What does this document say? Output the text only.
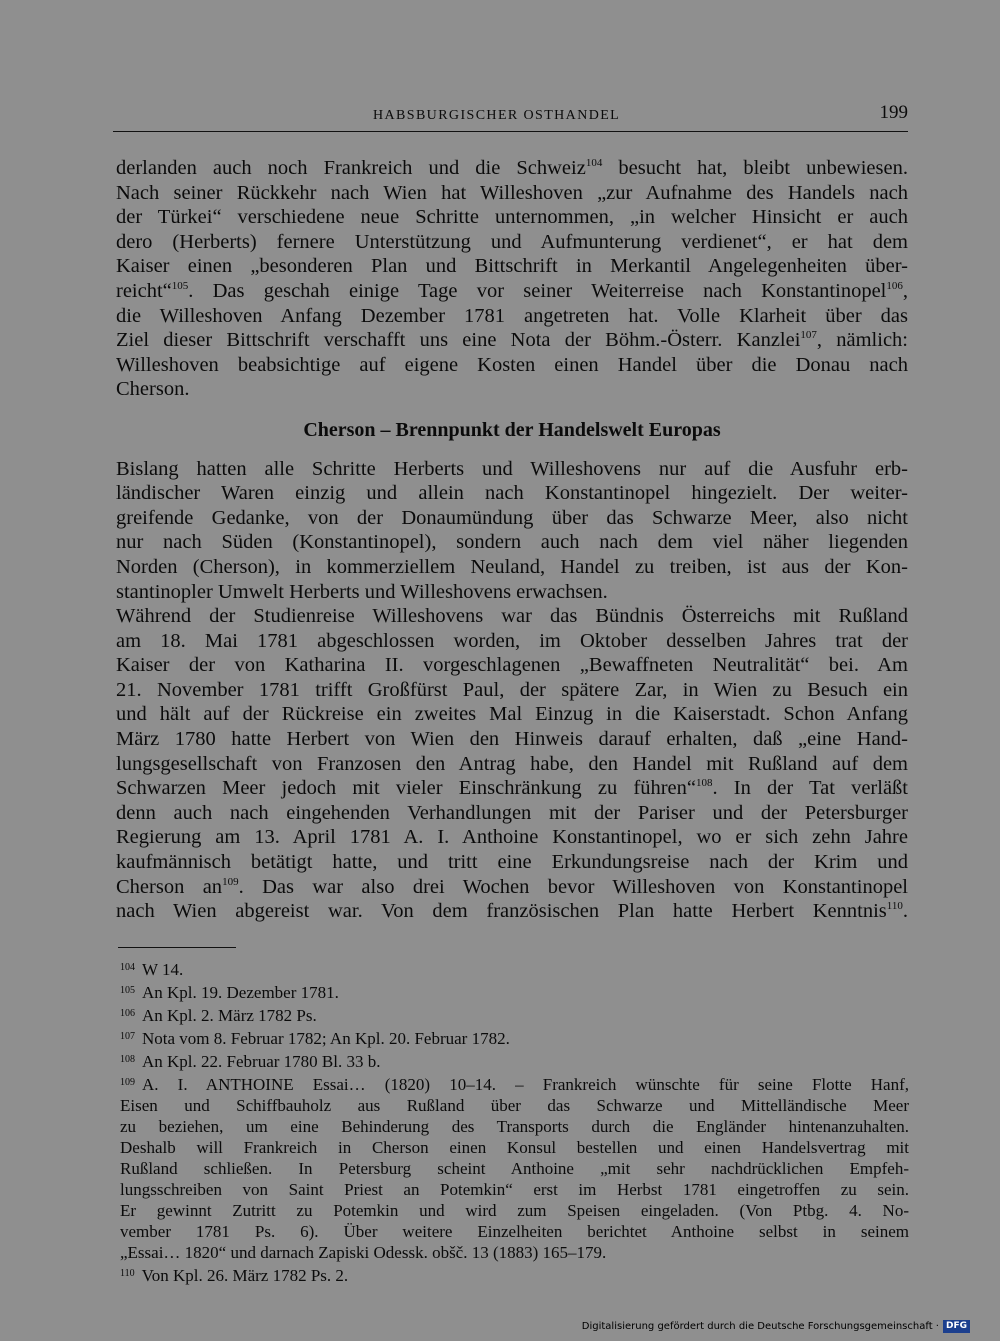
HABSBURGISCHER OSTHANDEL	199

derlanden auch noch Frankreich und die Schweiz$^{104}$ besucht hat, bleibt unbewiesen.
Nach seiner Rückkehr nach Wien hat Willeshoven „zur Aufnahme des Handels nach
der Türkei“ verschiedene neue Schritte unternommen, „in welcher Hinsicht er auch
dero (Herberts) fernere Unterstützung und Aufmunterung verdienet“, er hat dem
Kaiser einen „besonderen Plan und Bittschrift in Merkantil Angelegenheiten über-
reicht“$^{105}$. Das geschah einige Tage vor seiner Weiterreise nach Konstantinopel$^{106}$,
die Willeshoven Anfang Dezember 1781 angetreten hat. Volle Klarheit über das
Ziel dieser Bittschrift verschafft uns eine Nota der Böhm.-Österr. Kanzlei$^{107}$, nämlich:
Willeshoven beabsichtige auf eigene Kosten einen Handel über die Donau nach
Cherson.

Cherson – Brennpunkt der Handelswelt Europas

Bislang hatten alle Schritte Herberts und Willeshovens nur auf die Ausfuhr erb-
ländischer Waren einzig und allein nach Konstantinopel hingezielt. Der weiter-
greifende Gedanke, von der Donaumündung über das Schwarze Meer, also nicht
nur nach Süden (Konstantinopel), sondern auch nach dem viel näher liegenden
Norden (Cherson), in kommerziellem Neuland, Handel zu treiben, ist aus der Kon-
stantinopler Umwelt Herberts und Willeshovens erwachsen.

Während der Studienreise Willeshovens war das Bündnis Österreichs mit Rußland
am 18. Mai 1781 abgeschlossen worden, im Oktober desselben Jahres trat der
Kaiser der von Katharina II. vorgeschlagenen „Bewaffneten Neutralität“ bei. Am
21. November 1781 trifft Großfürst Paul, der spätere Zar, in Wien zu Besuch ein
und hält auf der Rückreise ein zweites Mal Einzug in die Kaiserstadt. Schon Anfang
März 1780 hatte Herbert von Wien den Hinweis darauf erhalten, daß „eine Hand-
lungsgesellschaft von Franzosen den Antrag habe, den Handel mit Rußland auf dem
Schwarzen Meer jedoch mit vieler Einschränkung zu führen“$^{108}$. In der Tat verläßt
denn auch nach eingehenden Verhandlungen mit der Pariser und der Petersburger
Regierung am 13. April 1781 A. I. Anthoine Konstantinopel, wo er sich zehn Jahre
kaufmännisch betätigt hatte, und tritt eine Erkundungsreise nach der Krim und
Cherson $an^{109}$. Das war also drei Wochen bevor Willeshoven von Konstantinopel
nach Wien abgereist war. Von dem französischen Plan hatte Herbert Kenntnis$^{110}$.

$^{104}$ W 14.
$^{105}$ An Kpl. 19. Dezember 1781.
$^{106}$ An Kpl. 2. März 1782 Ps.
$^{107}$ Nota vom 8. Februar 1782; An Kpl. 20. Februar 1782.
$^{108}$ An Kpl. 22. Februar 1780 Bl. 33 b.
$^{109}$ A. I. ANTHOINE Essai… (1820) 10–14. – Frankreich wünschte für seine Flotte Hanf,
Eisen und Schiffbauholz aus Rußland über das Schwarze und Mittelländische Meer
zu beziehen, um eine Behinderung des Transports durch die Engländer hintenanzuhalten.
Deshalb will Frankreich in Cherson einen Konsul bestellen und einen Handelsvertrag mit
Rußland schließen. In Petersburg scheint Anthoine „mit sehr nachdrücklichen Empfeh-
lungsschreiben von Saint Priest an Potemkin“ erst im Herbst 1781 eingetroffen zu sein.
Er gewinnt Zutritt zu Potemkin und wird zum Speisen eingeladen. (Von Ptbg. 4. No-
vember 1781 Ps. 6). Über weitere Einzelheiten berichtet Anthoine selbst in seinem
„Essai… 1820“ und darnach Zapiski Odessk. obšč. 13 (1883) 165–179.
$^{110}$ Von Kpl. 26. März 1782 Ps. 2.
Digitalisierung gefördert durch die Deutsche Forschungsgemeinschaft · DFG
